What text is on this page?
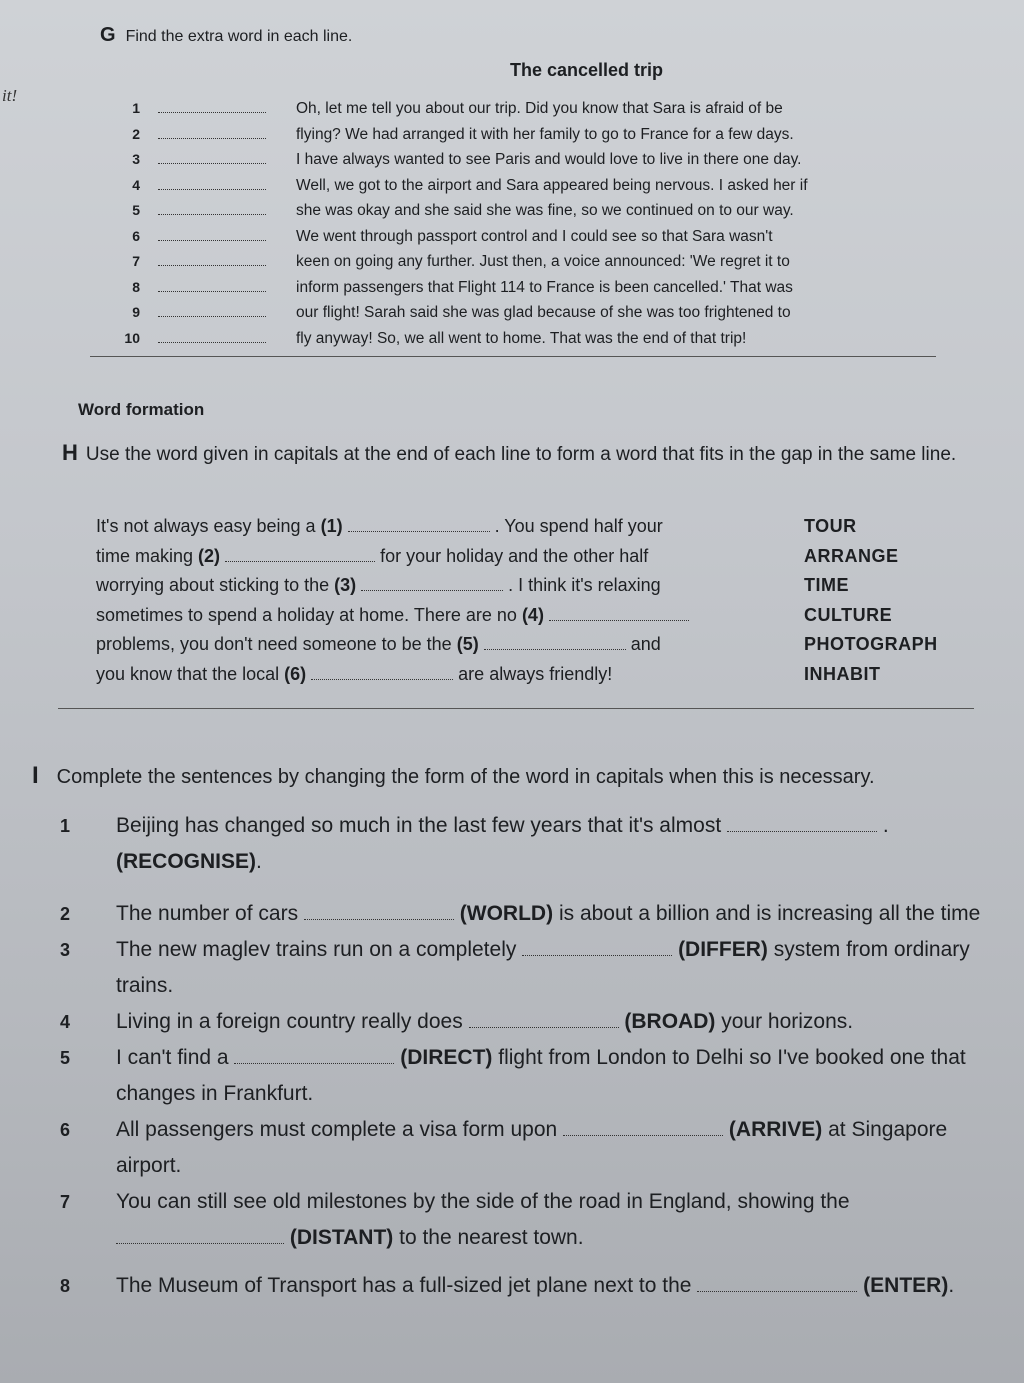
it!
G Find the extra word in each line.
The cancelled trip
1	Oh, let me tell you about our trip. Did you know that Sara is afraid of be
2	flying? We had arranged it with her family to go to France for a few days.
3	I have always wanted to see Paris and would love to live in there one day.
4	Well, we got to the airport and Sara appeared being nervous. I asked her if
5	she was okay and she said she was fine, so we continued on to our way.
6	We went through passport control and I could see so that Sara wasn't
7	keen on going any further. Just then, a voice announced: 'We regret it to
8	inform passengers that Flight 114 to France is been cancelled.' That was
9	our flight! Sarah said she was glad because of she was too frightened to
10	fly anyway! So, we all went to home. That was the end of that trip!
Word formation
H Use the word given in capitals at the end of each line to form a word that fits in the gap in the same line.
It's not always easy being a (1)	. You spend half your	TOUR
time making (2)	for your holiday and the other half	ARRANGE
worrying about sticking to the (3)	. I think it's relaxing	TIME
sometimes to spend a holiday at home. There are no (4)	CULTURE
problems, you don't need someone to be the (5)	and	PHOTOGRAPH
you know that the local (6)	are always friendly!	INHABIT
I Complete the sentences by changing the form of the word in capitals when this is necessary.
1 Beijing has changed so much in the last few years that it's almost	.
(RECOGNISE).
2 The number of cars	(WORLD) is about a billion and is increasing all the time
3 The new maglev trains run on a completely	(DIFFER) system from ordinary
trains.
4 Living in a foreign country really does	(BROAD) your horizons.
5 I can't find a	(DIRECT) flight from London to Delhi so I've booked one that
changes in Frankfurt.
6 All passengers must complete a visa form upon	(ARRIVE) at Singapore
airport.
7 You can still see old milestones by the side of the road in England, showing the
(DISTANT) to the nearest town.
8 The Museum of Transport has a full-sized jet plane next to the	(ENTER).
